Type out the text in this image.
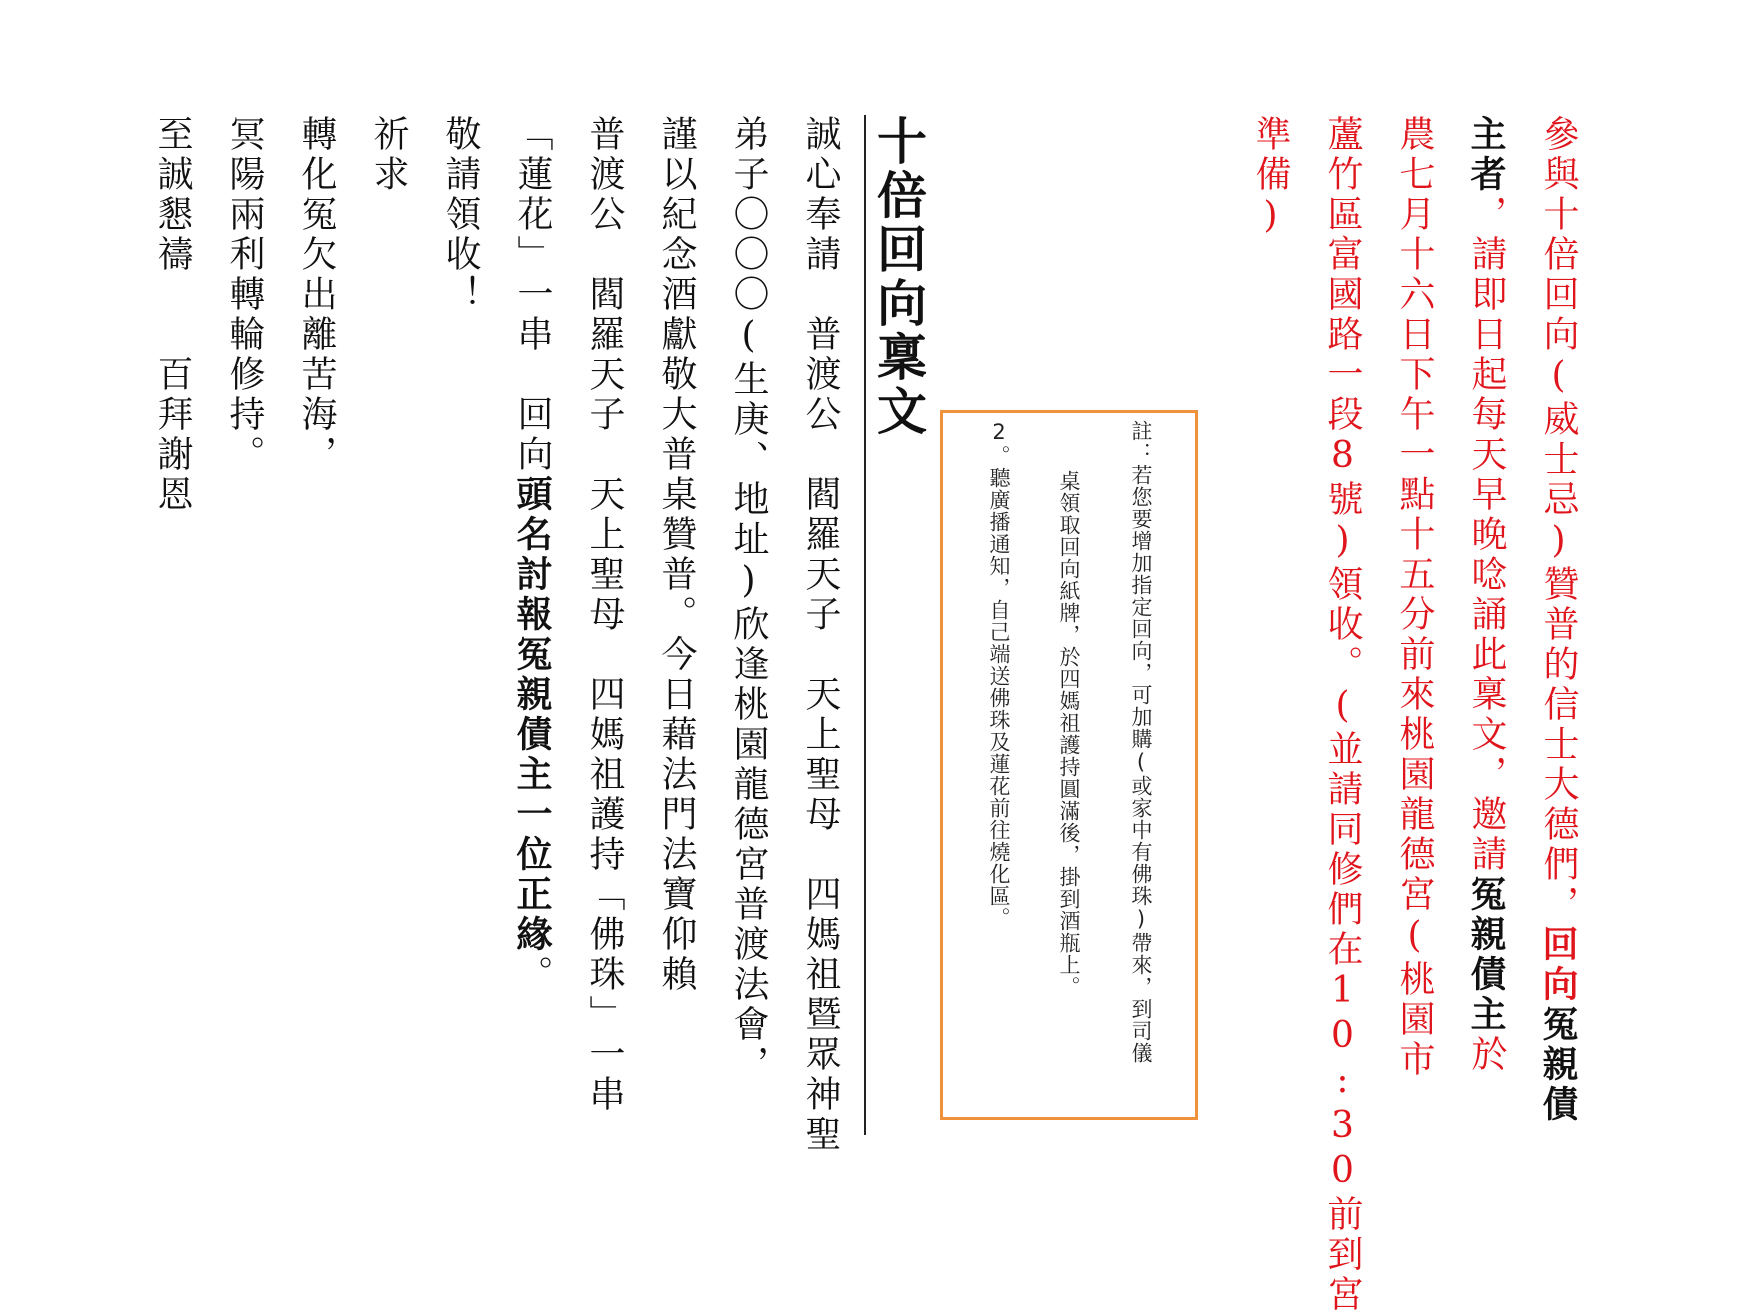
參與十倍回向(威士忌)贊普的信士大德們，回向冤親債
主者，請即日起每天早晚唸誦此稟文，邀請冤親債主於
農七月十六日下午一點十五分前來桃園龍德宮(桃園市
蘆竹區富國路一段8號)領收。(並請同修們在10:30前到宮
準備)
註：若您要增加指定回向，可加購(或家中有佛珠)帶來，到司儀
桌領取回向紙牌，於四媽祖護持圓滿後，掛到酒瓶上。
2。聽廣播通知，自己端送佛珠及蓮花前往燒化區。
十倍回向稟文
誠心奉請　普渡公　閻羅天子　天上聖母　四媽祖暨眾神聖
弟子〇〇〇(生庚、地址)欣逢桃園龍德宮普渡法會，
謹以紀念酒獻敬大普桌贊普。今日藉法門法寶仰賴
普渡公　閻羅天子　天上聖母　四媽祖護持「佛珠」一串
「蓮花」一串　回向頭名討報冤親債主一位正緣。
敬請領收！
祈求
轉化冤欠出離苦海，
冥陽兩利轉輪修持。
至誠懇禱　　百拜謝恩
